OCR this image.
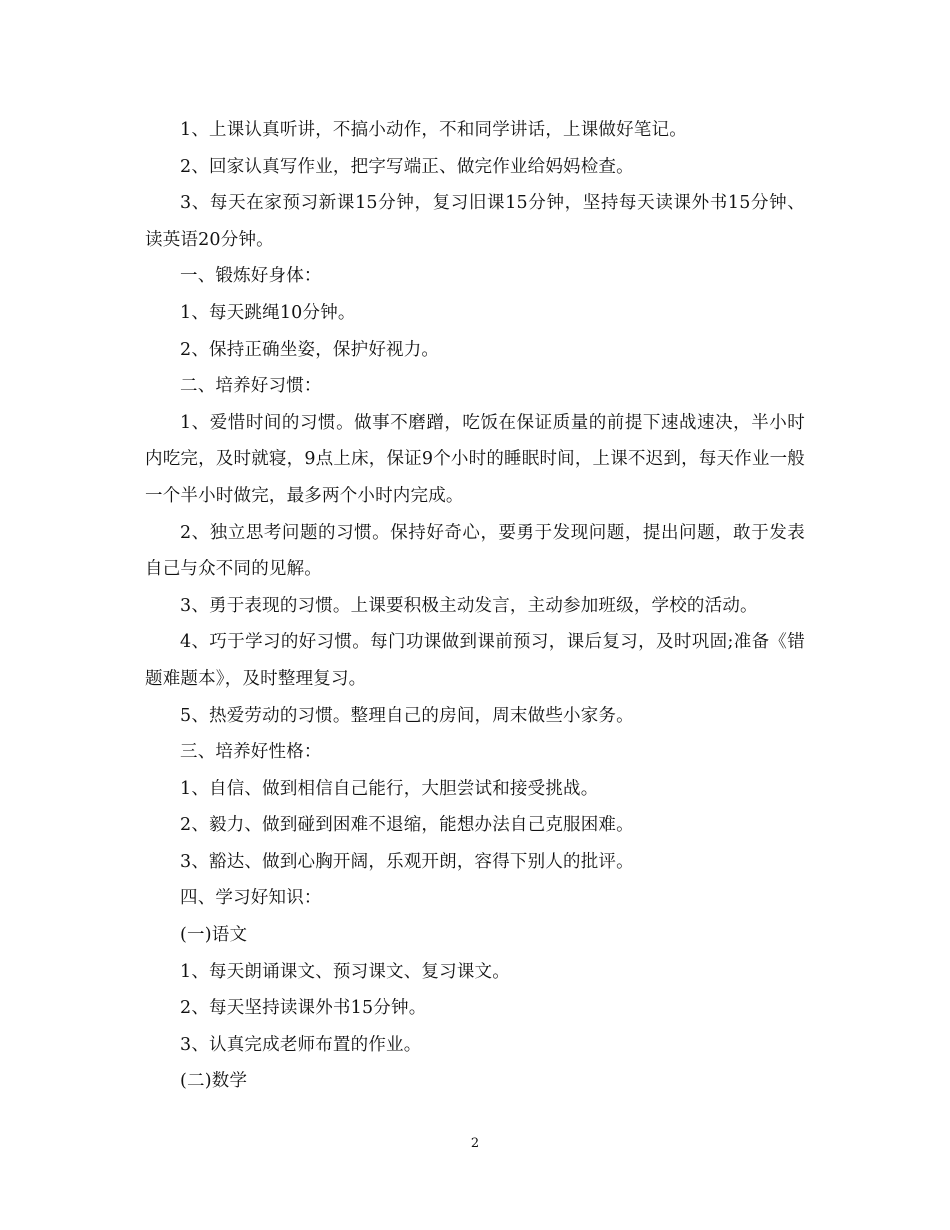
1、上课认真听讲，不搞小动作，不和同学讲话，上课做好笔记。

2、回家认真写作业，把字写端正、做完作业给妈妈检查。

3、每天在家预习新课15分钟，复习旧课15分钟，坚持每天读课外书15分钟、读英语20分钟。

一、锻炼好身体：

1、每天跳绳10分钟。

2、保持正确坐姿，保护好视力。

二、培养好习惯：

1、爱惜时间的习惯。做事不磨蹭，吃饭在保证质量的前提下速战速决，半小时内吃完，及时就寝，9点上床，保证9个小时的睡眠时间，上课不迟到，每天作业一般一个半小时做完，最多两个小时内完成。

2、独立思考问题的习惯。保持好奇心，要勇于发现问题，提出问题，敢于发表自己与众不同的见解。

3、勇于表现的习惯。上课要积极主动发言，主动参加班级，学校的活动。

4、巧于学习的好习惯。每门功课做到课前预习，课后复习，及时巩固;准备《错题难题本》，及时整理复习。

5、热爱劳动的习惯。整理自己的房间，周末做些小家务。

三、培养好性格：

1、自信、做到相信自己能行，大胆尝试和接受挑战。

2、毅力、做到碰到困难不退缩，能想办法自己克服困难。

3、豁达、做到心胸开阔，乐观开朗，容得下别人的批评。

四、学习好知识：

(一)语文

1、每天朗诵课文、预习课文、复习课文。

2、每天坚持读课外书15分钟。

3、认真完成老师布置的作业。

(二)数学

2
